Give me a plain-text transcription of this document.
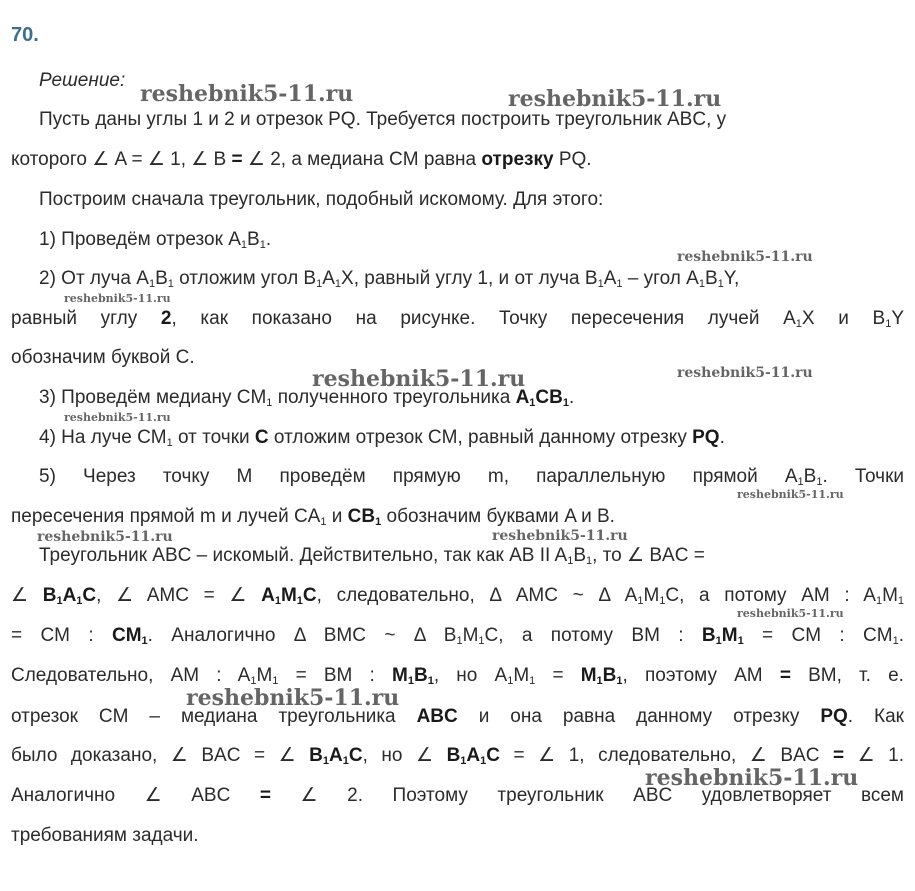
70.

Решение:

Пусть даны углы 1 и 2 и отрезок PQ. Требуется построить треугольник ABC, у

которого ∠ A = ∠ 1, ∠ B = ∠ 2, а медиана CM равна отрезку PQ.

Построим сначала треугольник, подобный искомому. Для этого:

1) Проведём отрезок $A_1B_1$.

2) От луча $A_1B_1$ отложим угол $B_1A_1X$, равный углу 1, и от луча $B_1A_1$ – угол $A_1B_1Y$,

равный углу 2, как показано на рисунке. Точку пересечения лучей $A_1X$ и $B_1Y$

обозначим буквой С.

3) Проведём медиану $CM_1$ полученного треугольника $A_1CB_1$.

4) На луче $CM_1$ от точки C отложим отрезок CM, равный данному отрезку PQ.

5) Через точку M проведём прямую m, параллельную прямой $A_1B_1$. Точки

пересечения прямой m и лучей $CA_1$ и $CB_1$ обозначим буквами A и B.

Треугольник ABC – искомый. Действительно, так как AB II $A_1B_1$, то ∠ BAC =

∠ $B_1A_1C$, ∠ AMC = ∠ $A_1M_1C$, следовательно, Δ AMC ~ Δ $A_1M_1C$, а потому AM : $A_1M_1$

= CM : $CM_1$. Аналогично Δ BMC ~ Δ $B_1M_1C$, а потому BM : $B_1M_1$ = CM : $CM_1$.

Следовательно, AM : $A_1M_1$ = BM : $M_1B_1$, но $A_1M_1 = M_1B_1$, поэтому AM = BM, т. е.

отрезок CM – медиана треугольника ABC и она равна данному отрезку PQ. Как

было доказано, ∠ BAC = ∠ $B_1A_1C$, но ∠ $B_1A_1C$ = ∠ 1, следовательно, ∠ BAC = ∠ 1.

Аналогично ∠ ABC = ∠ 2. Поэтому треугольник ABC удовлетворяет всем

требованиям задачи.

reshebnik5-11.ru	reshebnik5-11.ru

reshebnik5-11.ru

reshebnik5-11.ru

reshebnik5-11.ru	reshebnik5-11.ru

reshebnik5-11.ru

reshebnik5-11.ru

reshebnik5-11.ru	reshebnik5-11.ru

reshebnik5-11.ru

reshebnik5-11.ru

reshebnik5-11.ru
